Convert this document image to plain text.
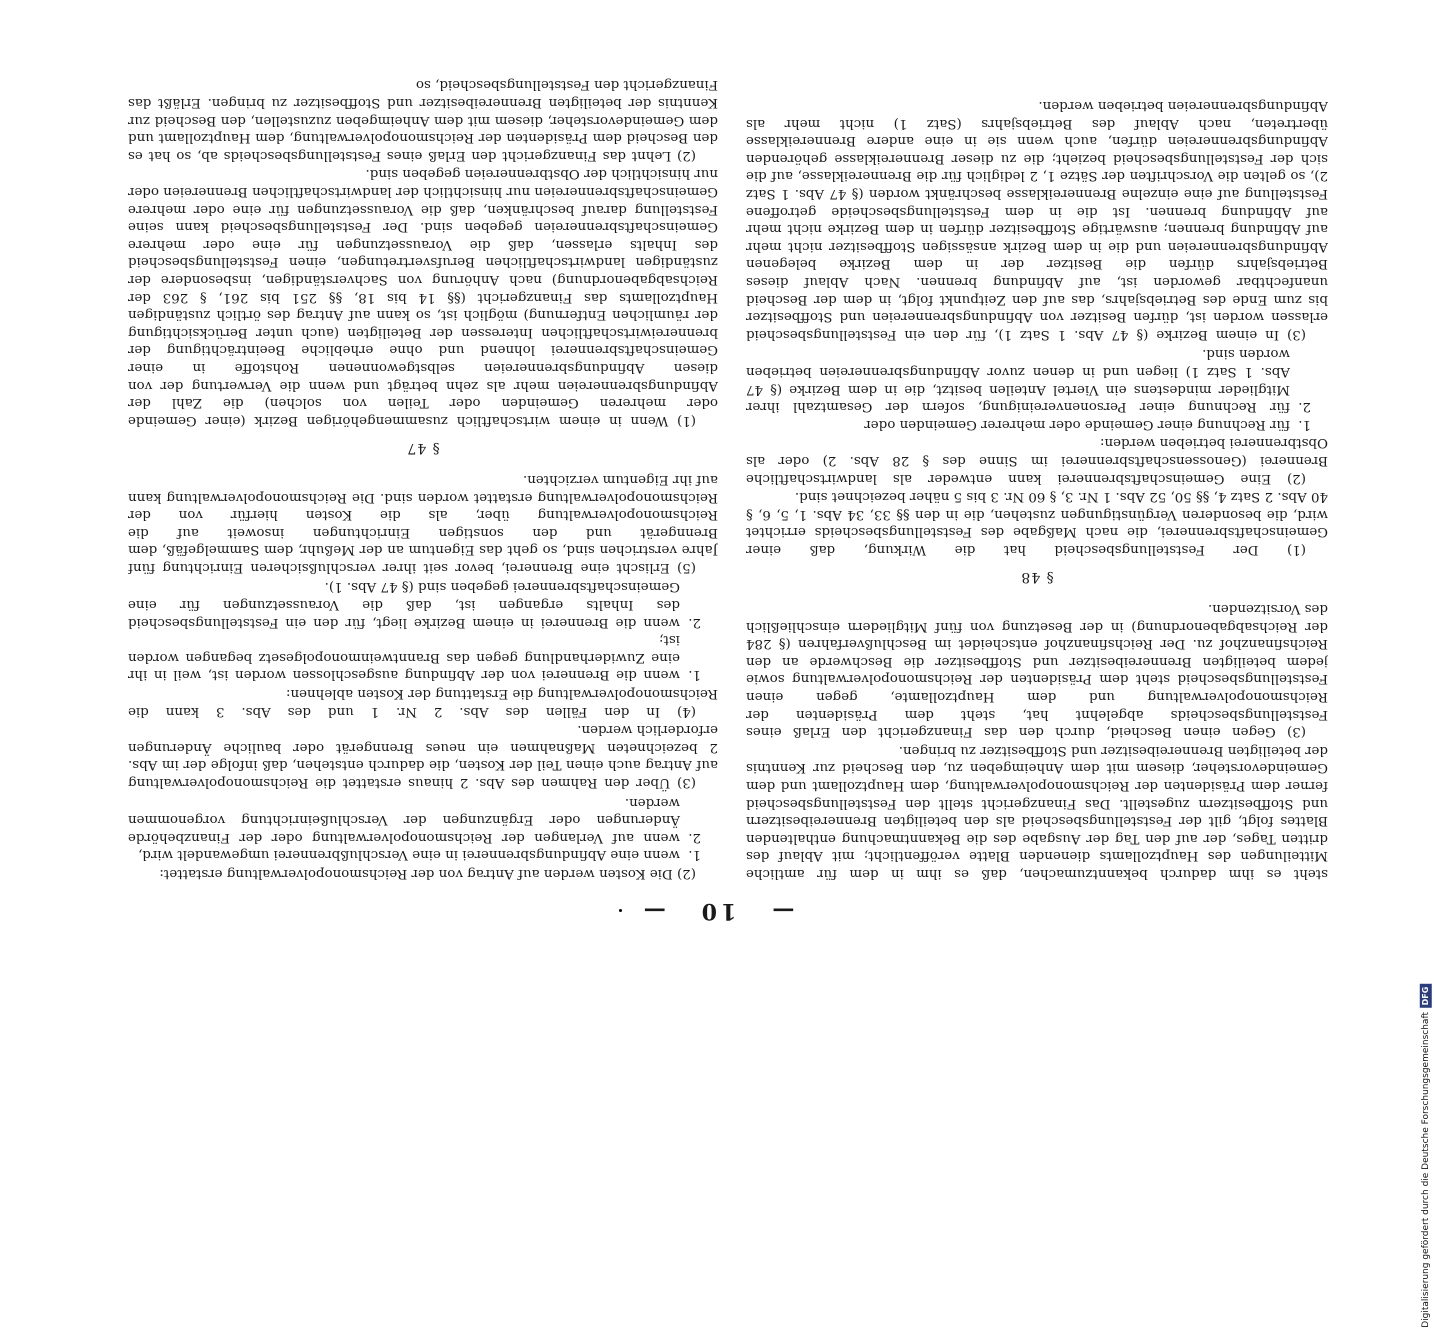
—10—

steht es ihm dadurch bekanntzumachen, daß es ihm in dem für amtliche Mitteilungen des Hauptzollamts dienenden Blatte veröffentlicht; mit Ablauf des dritten Tages, der auf den Tag der Ausgabe des die Bekanntmachung enthaltenden Blattes folgt, gilt der Feststellungsbescheid als den beteiligten Brennereibesitzern und Stoffbesitzern zugestellt. Das Finanzgericht stellt den Feststellungsbescheid ferner dem Präsidenten der Reichsmonopolverwaltung, dem Hauptzollamt und dem Gemeindevorsteher, diesem mit dem Anheimgeben zu, den Bescheid zur Kenntnis der beteiligten Brennereibesitzer und Stoffbesitzer zu bringen.

(3) Gegen einen Bescheid, durch den das Finanzgericht den Erlaß eines Feststellungsbescheids abgelehnt hat, steht dem Präsidenten der Reichsmonopolverwaltung und dem Hauptzollamte, gegen einen Feststellungsbescheid steht dem Präsidenten der Reichsmonopolverwaltung sowie jedem beteiligten Brennereibesitzer und Stoffbesitzer die Beschwerde an den Reichsfinanzhof zu. Der Reichsfinanzhof entscheidet im Beschlußverfahren (§ 284 der Reichsabgabenordnung) in der Besetzung von fünf Mitgliedern einschließlich des Vorsitzenden.

§ 48

(1) Der Feststellungsbescheid hat die Wirkung, daß einer Gemeinschaftsbrennerei, die nach Maßgabe des Feststellungsbescheids errichtet wird, die besonderen Vergünstigungen zustehen, die in den §§ 33, 34 Abs. 1, 5, 6, § 40 Abs. 2 Satz 4, §§ 50, 52 Abs. 1 Nr. 3, § 60 Nr. 3 bis 5 näher bezeichnet sind.

(2) Eine Gemeinschaftsbrennerei kann entweder als landwirtschaftliche Brennerei (Genossenschaftsbrennerei im Sinne des § 28 Abs. 2) oder als Obstbrennerei betrieben werden:

1. für Rechnung einer Gemeinde oder mehrerer Gemeinden oder
2. für Rechnung einer Personenvereinigung, sofern der Gesamtzahl ihrer Mitglieder mindestens ein Viertel Anteilen besitzt, die in dem Bezirke (§ 47 Abs. 1 Satz 1) liegen und in denen zuvor Abfindungsbrennereien betrieben worden sind.

(3) In einem Bezirke (§ 47 Abs. 1 Satz 1), für den ein Feststellungsbescheid erlassen worden ist, dürfen Besitzer von Abfindungsbrennereien und Stoffbesitzer bis zum Ende des Betriebsjahrs, das auf den Zeitpunkt folgt, in dem der Bescheid unanfechtbar geworden ist, auf Abfindung brennen. Nach Ablauf dieses Betriebsjahrs dürfen die Besitzer der in dem Bezirke belegenen Abfindungsbrennereien und die in dem Bezirk ansässigen Stoffbesitzer nicht mehr auf Abfindung brennen; auswärtige Stoffbesitzer dürfen in dem Bezirke nicht mehr auf Abfindung brennen. Ist die in dem Feststellungsbescheide getroffene Feststellung auf eine einzelne Brennereiklasse beschränkt worden (§ 47 Abs. 1 Satz 2), so gelten die Vorschriften der Sätze 1, 2 lediglich für die Brennereiklasse, auf die sich der Feststellungsbescheid bezieht; die zu dieser Brennereiklasse gehörenden Abfindungsbrennereien dürfen, auch wenn sie in eine andere Brennereiklasse übertreten, nach Ablauf des Betriebsjahrs (Satz 1) nicht mehr als Abfindungsbrennereien betrieben werden.

(2) Die Kosten werden auf Antrag von der Reichsmonopolverwaltung erstattet:

1. wenn eine Abfindungsbrennerei in eine Verschlußbrennerei umgewandelt wird,
2. wenn auf Verlangen der Reichsmonopolverwaltung oder der Finanzbehörde Änderungen oder Ergänzungen der Verschlußeinrichtung vorgenommen werden.

(3) Über den Rahmen des Abs. 2 hinaus erstattet die Reichsmonopolverwaltung auf Antrag auch einen Teil der Kosten, die dadurch entstehen, daß infolge der im Abs. 2 bezeichneten Maßnahmen ein neues Brenngerät oder bauliche Änderungen erforderlich werden.

(4) In den Fällen des Abs. 2 Nr. 1 und des Abs. 3 kann die Reichsmonopolverwaltung die Erstattung der Kosten ablehnen:

1. wenn die Brennerei von der Abfindung ausgeschlossen worden ist, weil in ihr eine Zuwiderhandlung gegen das Branntweinmonopolgesetz begangen worden ist;
2. wenn die Brennerei in einem Bezirke liegt, für den ein Feststellungsbescheid des Inhalts ergangen ist, daß die Voraussetzungen für eine Gemeinschaftsbrennerei gegeben sind (§ 47 Abs. 1).

(5) Erlischt eine Brennerei, bevor seit ihrer verschlußsicheren Einrichtung fünf Jahre verstrichen sind, so geht das Eigentum an der Meßuhr, dem Sammelgefäß, dem Brenngerät und den sonstigen Einrichtungen insoweit auf die Reichsmonopolverwaltung über, als die Kosten hierfür von der Reichsmonopolverwaltung erstattet worden sind. Die Reichsmonopolverwaltung kann auf ihr Eigentum verzichten.

§ 47

(1) Wenn in einem wirtschaftlich zusammengehörigen Bezirk (einer Gemeinde oder mehreren Gemeinden oder Teilen von solchen) die Zahl der Abfindungsbrennereien mehr als zehn beträgt und wenn die Verwertung der von diesen Abfindungsbrennereien selbstgewonnenen Rohstoffe in einer Gemeinschaftsbrennerei lohnend und ohne erhebliche Beeinträchtigung der brennereiwirtschaftlichen Interessen der Beteiligten (auch unter Berücksichtigung der räumlichen Entfernung) möglich ist, so kann auf Antrag des örtlich zuständigen Hauptzollamts das Finanzgericht (§§ 14 bis 18, §§ 251 bis 261, § 263 der Reichsabgabenordnung) nach Anhörung von Sachverständigen, insbesondere der zuständigen landwirtschaftlichen Berufsvertretungen, einen Feststellungsbescheid des Inhalts erlassen, daß die Voraussetzungen für eine oder mehrere Gemeinschaftsbrennereien gegeben sind. Der Feststellungsbescheid kann seine Feststellung darauf beschränken, daß die Voraussetzungen für eine oder mehrere Gemeinschaftsbrennereien nur hinsichtlich der landwirtschaftlichen Brennereien oder nur hinsichtlich der Obstbrennereien gegeben sind.

(2) Lehnt das Finanzgericht den Erlaß eines Feststellungsbescheids ab, so hat es den Bescheid dem Präsidenten der Reichsmonopolverwaltung, dem Hauptzollamt und dem Gemeindevorsteher, diesem mit dem Anheimgeben zuzustellen, den Bescheid zur Kenntnis der beteiligten Brennereibesitzer und Stoffbesitzer zu bringen. Erläßt das Finanzgericht den Feststellungsbescheid, so

Digitalisierung gefördert durch die Deutsche Forschungsgemeinschaft
DFG
